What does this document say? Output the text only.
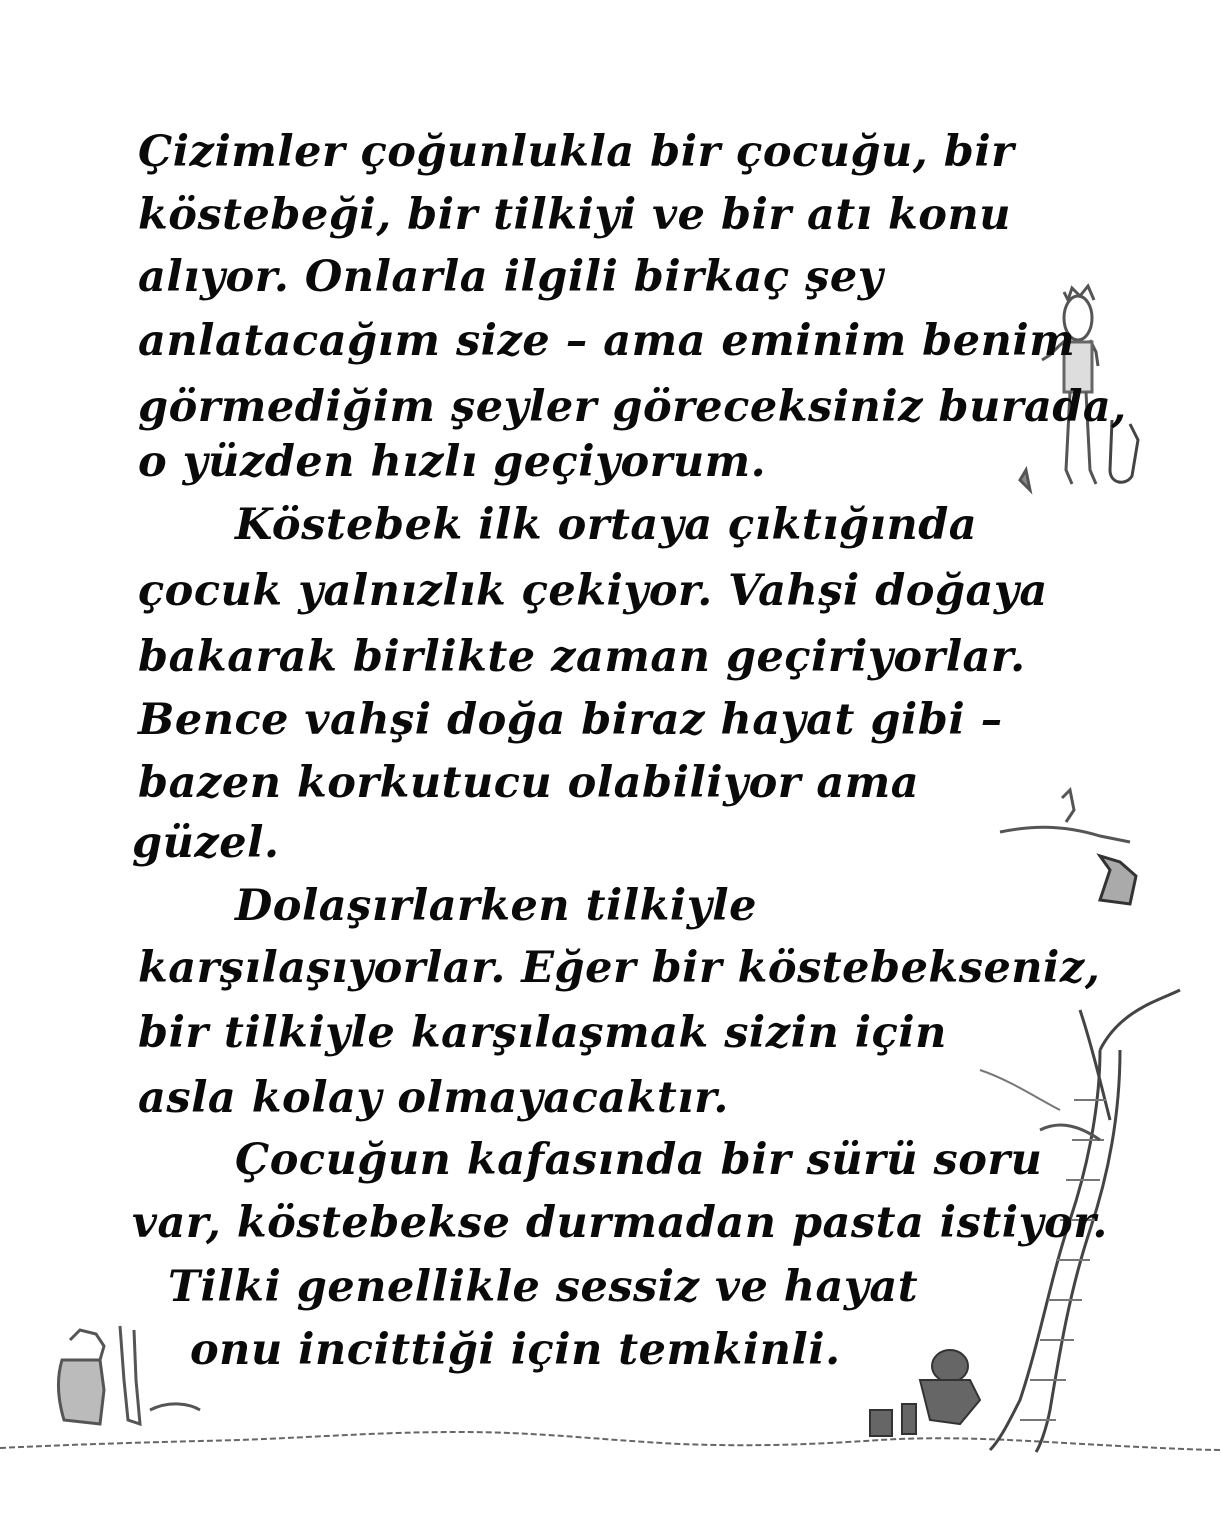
Çizimler çoğunlukla bir çocuğu, bir
köstebeği, bir tilkiyi ve bir atı konu
alıyor. Onlarla ilgili birkaç şey
anlatacağım size – ama eminim benim
görmediğim şeyler göreceksiniz burada,
o yüzden hızlı geçiyorum.
Köstebek ilk ortaya çıktığında
çocuk yalnızlık çekiyor. Vahşi doğaya
bakarak birlikte zaman geçiriyorlar.
Bence vahşi doğa biraz hayat gibi –
bazen korkutucu olabiliyor ama
güzel.
Dolaşırlarken tilkiyle
karşılaşıyorlar. Eğer bir köstebekseniz,
bir tilkiyle karşılaşmak sizin için
asla kolay olmayacaktır.
Çocuğun kafasında bir sürü soru
var, köstebekse durmadan pasta istiyor.
Tilki genellikle sessiz ve hayat
onu incittiği için temkinli.
